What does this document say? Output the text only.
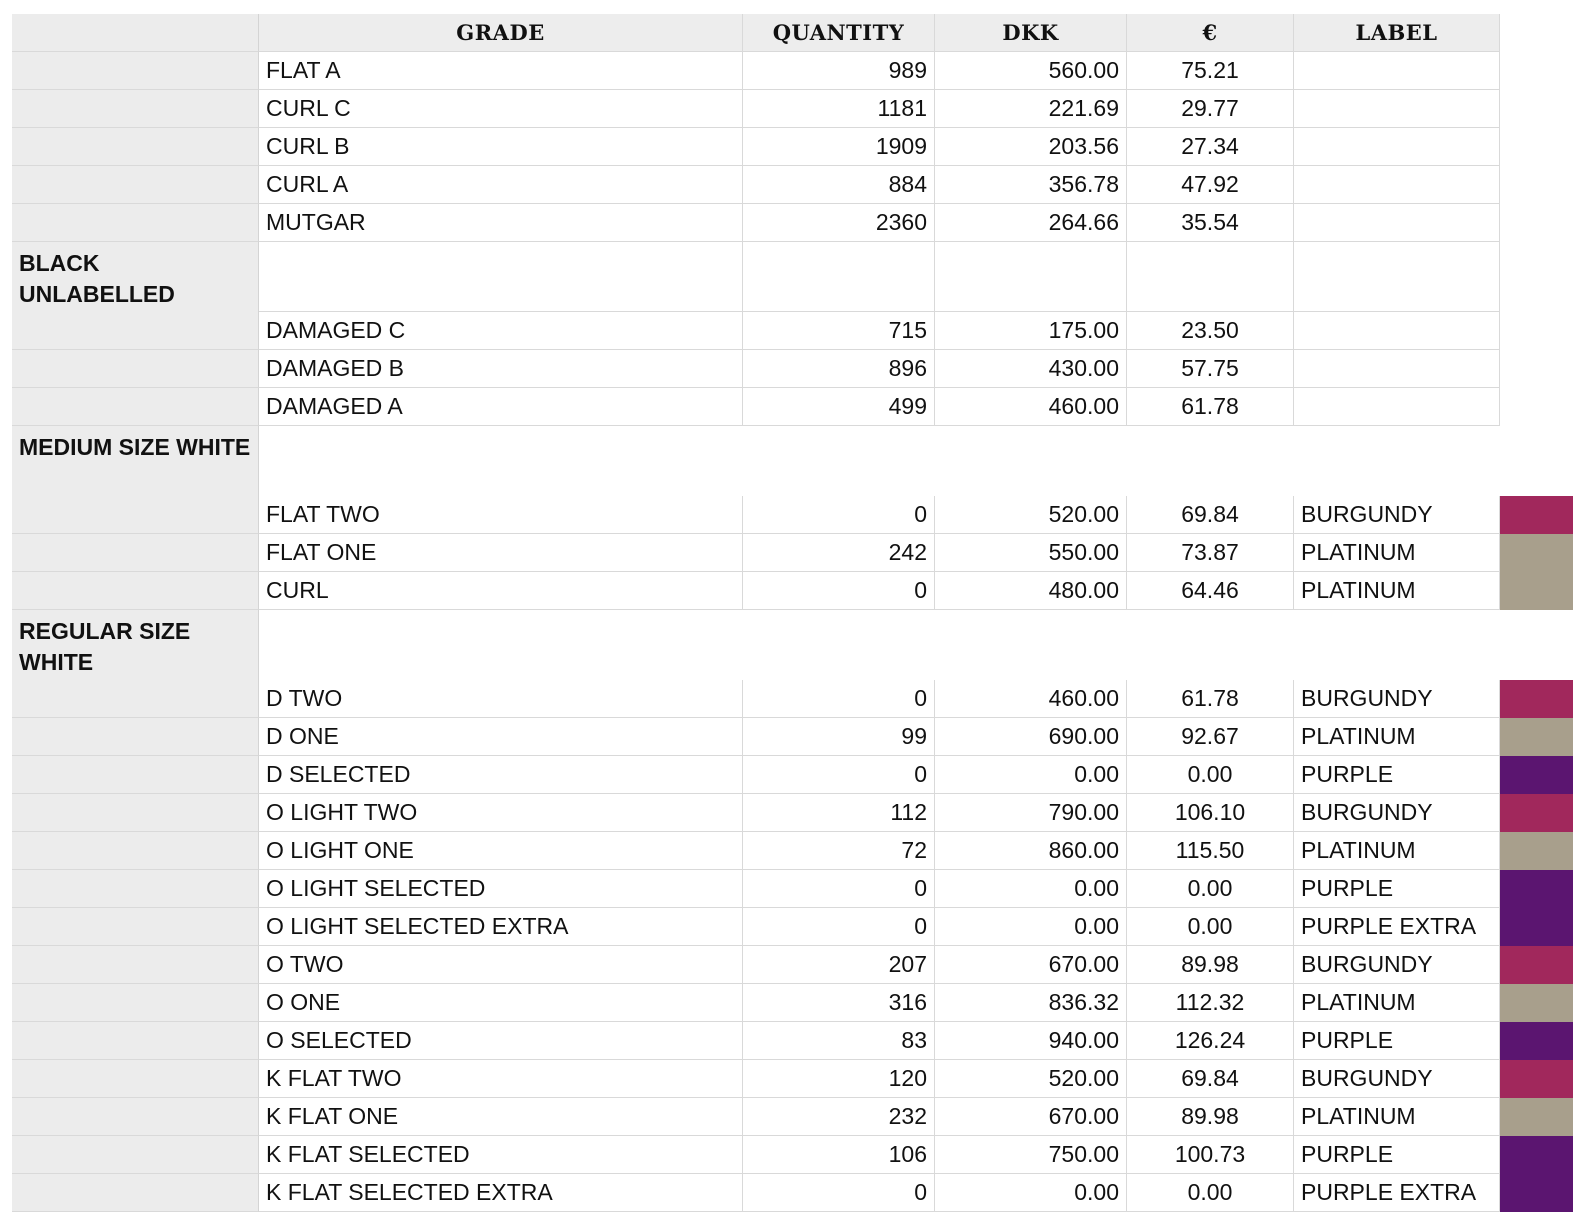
GRADE	QUANTITY	DKK	€	LABEL
FLAT A	989	560.00	75.21
CURL C	1181	221.69	29.77
CURL B	1909	203.56	27.34
CURL A	884	356.78	47.92
MUTGAR	2360	264.66	35.54
BLACK UNLABELLED
DAMAGED C	715	175.00	23.50
DAMAGED B	896	430.00	57.75
DAMAGED A	499	460.00	61.78
MEDIUM SIZE WHITE
FLAT TWO	0	520.00	69.84	BURGUNDY
FLAT ONE	242	550.00	73.87	PLATINUM
CURL	0	480.00	64.46	PLATINUM
REGULAR SIZE WHITE
D TWO	0	460.00	61.78	BURGUNDY
D ONE	99	690.00	92.67	PLATINUM
D SELECTED	0	0.00	0.00	PURPLE
O LIGHT TWO	112	790.00	106.10	BURGUNDY
O LIGHT ONE	72	860.00	115.50	PLATINUM
O LIGHT SELECTED	0	0.00	0.00	PURPLE
O LIGHT SELECTED EXTRA	0	0.00	0.00	PURPLE EXTRA
O TWO	207	670.00	89.98	BURGUNDY
O ONE	316	836.32	112.32	PLATINUM
O SELECTED	83	940.00	126.24	PURPLE
K FLAT TWO	120	520.00	69.84	BURGUNDY
K FLAT ONE	232	670.00	89.98	PLATINUM
K FLAT SELECTED	106	750.00	100.73	PURPLE
K FLAT SELECTED EXTRA	0	0.00	0.00	PURPLE EXTRA
